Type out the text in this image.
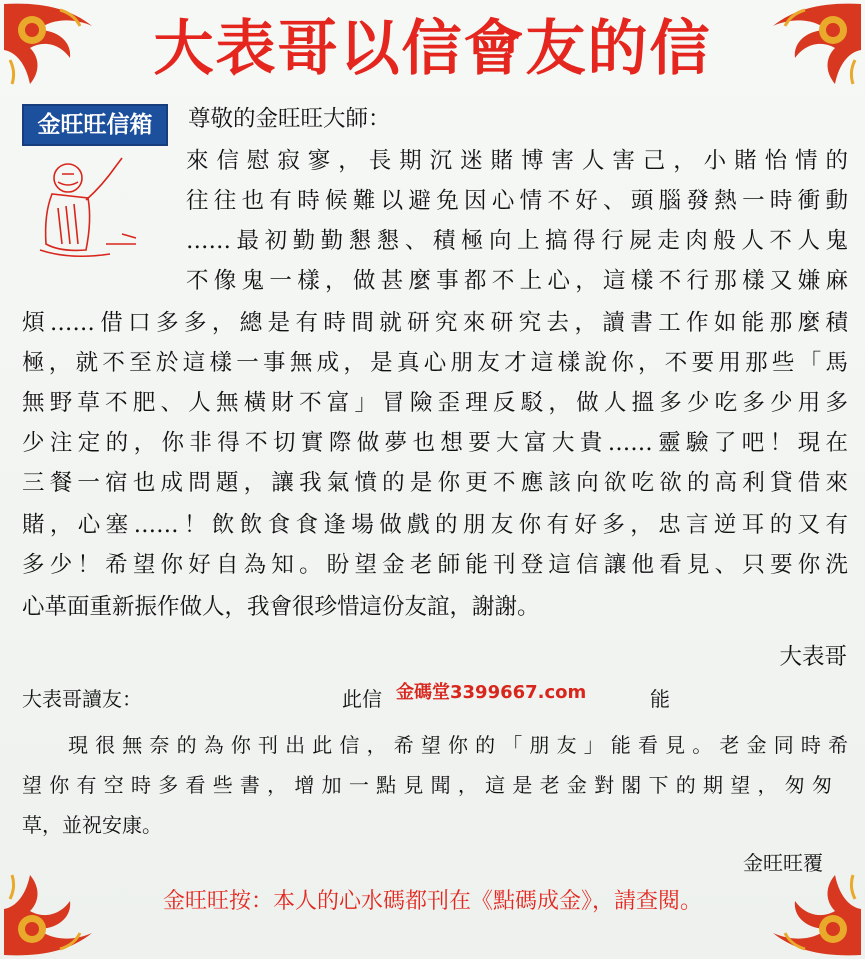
大表哥以信會友的信
金旺旺信箱	尊敬的金旺旺大師：
來信慰寂寥，長期沉迷賭博害人害己，小賭怡情的
往往也有時候難以避免因心情不好、頭腦發熱一時衝動
……最初勤勤懇懇、積極向上搞得行屍走肉般人不人鬼
不像鬼一樣，做甚麼事都不上心，這樣不行那樣又嫌麻
煩……借口多多，總是有時間就研究來研究去，讀書工作如能那麼積
極，就不至於這樣一事無成，是真心朋友才這樣說你，不要用那些「馬
無野草不肥、人無橫財不富」冒險歪理反駁，做人搵多少吃多少用多
少注定的，你非得不切實際做夢也想要大富大貴……靈驗了吧！現在
三餐一宿也成問題，讓我氣憤的是你更不應該向欲吃欲的高利貸借來
賭，心塞……！飲飲食食逢場做戲的朋友你有好多，忠言逆耳的又有
多少！希望你好自為知。盼望金老師能刊登這信讓他看見、只要你洗
心革面重新振作做人，我會很珍惜這份友誼，謝謝。
大表哥
大表哥讀友：	此信	能
金碼堂3399667.com
現很無奈的為你刊出此信，希望你的「朋友」能看見。老金同時希
望你有空時多看些書，增加一點見聞，這是老金對閣下的期望，匆匆
草，並祝安康。
金旺旺覆
金旺旺按：本人的心水碼都刊在《點碼成金》，請查閱。
